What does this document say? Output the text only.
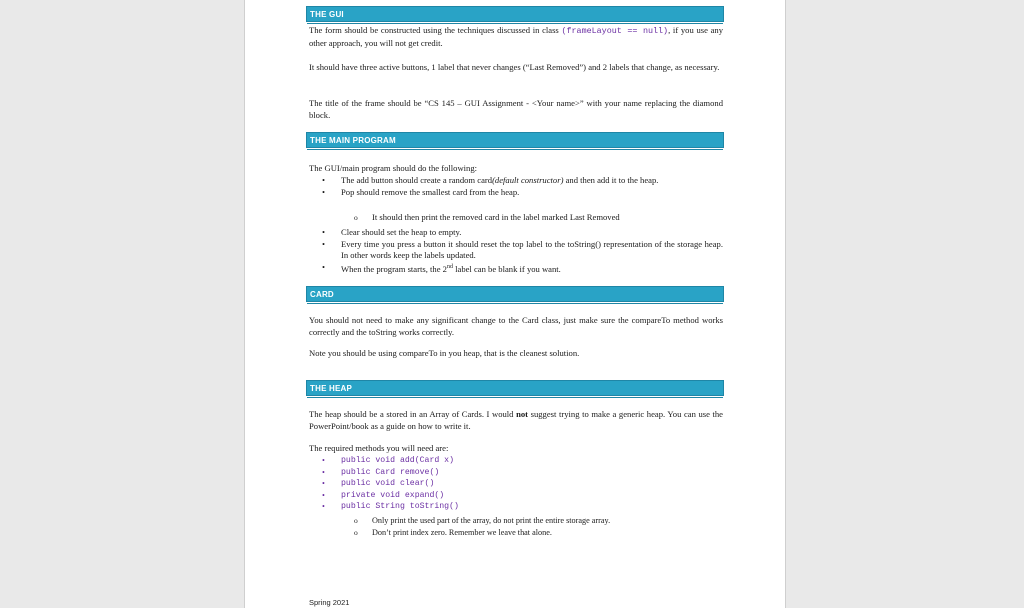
THE GUI
The form should be constructed using the techniques discussed in class (frameLayout == null), if you use any other approach, you will not get credit.
It should have three active buttons, 1 label that never changes (“Last Removed”) and 2 labels that change, as necessary.
The title of the frame should be “CS 145 – GUI Assignment - <Your name>” with your name replacing the diamond block.
THE MAIN PROGRAM
The GUI/main program should do the following:
• The add button should create a random card(default constructor) and then add it to the heap.
• Pop should remove the smallest card from the heap.
o It should then print the removed card in the label marked Last Removed
• Clear should set the heap to empty.
• Every time you press a button it should reset the top label to the toString() representation of the storage heap. In other words keep the labels updated.
• When the program starts, the 2nd label can be blank if you want.
CARD
You should not need to make any significant change to the Card class, just make sure the compareTo method works correctly and the toString works correctly.
Note you should be using compareTo in you heap, that is the cleanest solution.
THE HEAP
The heap should be a stored in an Array of Cards. I would not suggest trying to make a generic heap. You can use the PowerPoint/book as a guide on how to write it.
The required methods you will need are:
• public void add(Card x)
• public Card remove()
• public void clear()
• private void expand()
• public String toString()
o Only print the used part of the array, do not print the entire storage array.
o Don’t print index zero. Remember we leave that alone.
Spring 2021
